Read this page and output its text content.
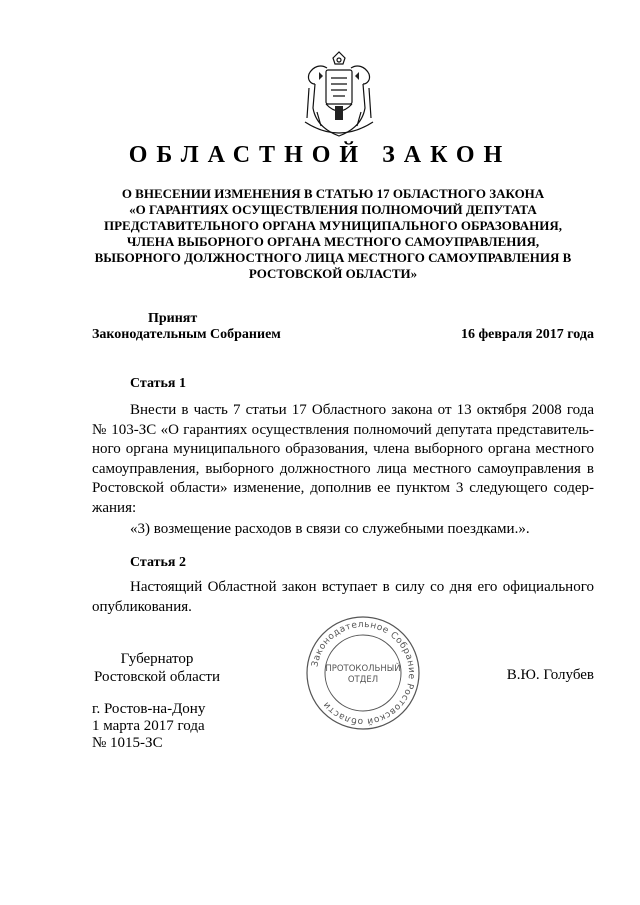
ОБЛАСТНОЙ ЗАКОН
О ВНЕСЕНИИ ИЗМЕНЕНИЯ В СТАТЬЮ 17 ОБЛАСТНОГО ЗАКОНА
«О ГАРАНТИЯХ ОСУЩЕСТВЛЕНИЯ ПОЛНОМОЧИЙ ДЕПУТАТА
ПРЕДСТАВИТЕЛЬНОГО ОРГАНА МУНИЦИПАЛЬНОГО ОБРАЗОВАНИЯ,
ЧЛЕНА ВЫБОРНОГО ОРГАНА МЕСТНОГО САМОУПРАВЛЕНИЯ,
ВЫБОРНОГО ДОЛЖНОСТНОГО ЛИЦА МЕСТНОГО САМОУПРАВЛЕНИЯ В
РОСТОВСКОЙ ОБЛАСТИ»
Принят
Законодательным Собранием	16 февраля 2017 года
Статья 1
Внести в часть 7 статьи 17 Областного закона от 13 октября 2008 года
№ 103-ЗС «О гарантиях осуществления полномочий депутата представитель-
ного органа муниципального образования, члена выборного органа местного
самоуправления, выборного должностного лица местного самоуправления в
Ростовской области» изменение, дополнив ее пунктом 3 следующего содер-
жания:
«3) возмещение расходов в связи со служебными поездками.».
Статья 2
Настоящий Областной закон вступает в силу со дня его официального
опубликования.
Законодательное Собрание Ростовской области
ПРОТОКОЛЬНЫЙ
ОТДЕЛ
Губернатор
Ростовской области	В.Ю. Голубев
г. Ростов-на-Дону
1 марта 2017 года
№ 1015-ЗС
